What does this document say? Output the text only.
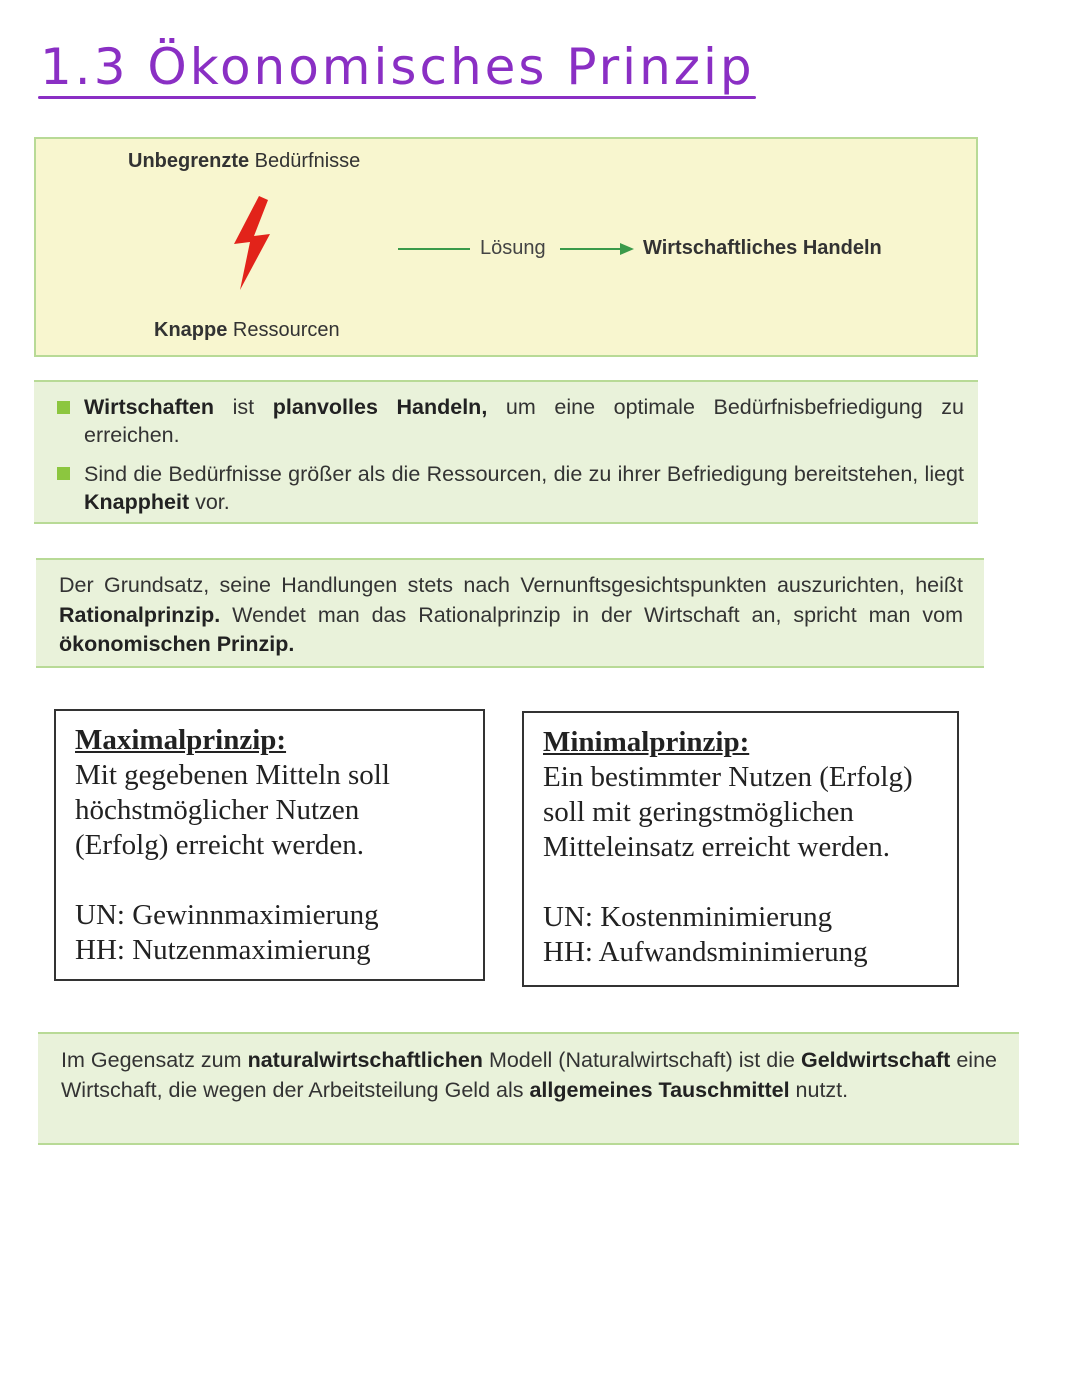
1.3 Ökonomisches Prinzip
Unbegrenzte Bedürfnisse
Knappe Ressourcen
Lösung	Wirtschaftliches Handeln
Wirtschaften ist planvolles Handeln, um eine optimale Bedürfnisbefriedigung zu erreichen.
Sind die Bedürfnisse größer als die Ressourcen, die zu ihrer Befriedigung bereitstehen, liegt Knappheit vor.
Der Grundsatz, seine Handlungen stets nach Vernunftsgesichtspunkten auszurichten, heißt Rationalprinzip. Wendet man das Rationalprinzip in der Wirtschaft an, spricht man vom ökonomischen Prinzip.
Maximalprinzip:
Mit gegebenen Mitteln soll
höchstmöglicher Nutzen
(Erfolg) erreicht werden.
UN: Gewinnmaximierung
HH: Nutzenmaximierung
Minimalprinzip:
Ein bestimmter Nutzen (Erfolg)
soll mit geringstmöglichen
Mitteleinsatz erreicht werden.
UN: Kostenminimierung
HH: Aufwandsminimierung
Im Gegensatz zum naturalwirtschaftlichen Modell (Naturalwirtschaft) ist die Geldwirtschaft eine Wirtschaft, die wegen der Arbeitsteilung Geld als allgemeines Tauschmittel nutzt.
